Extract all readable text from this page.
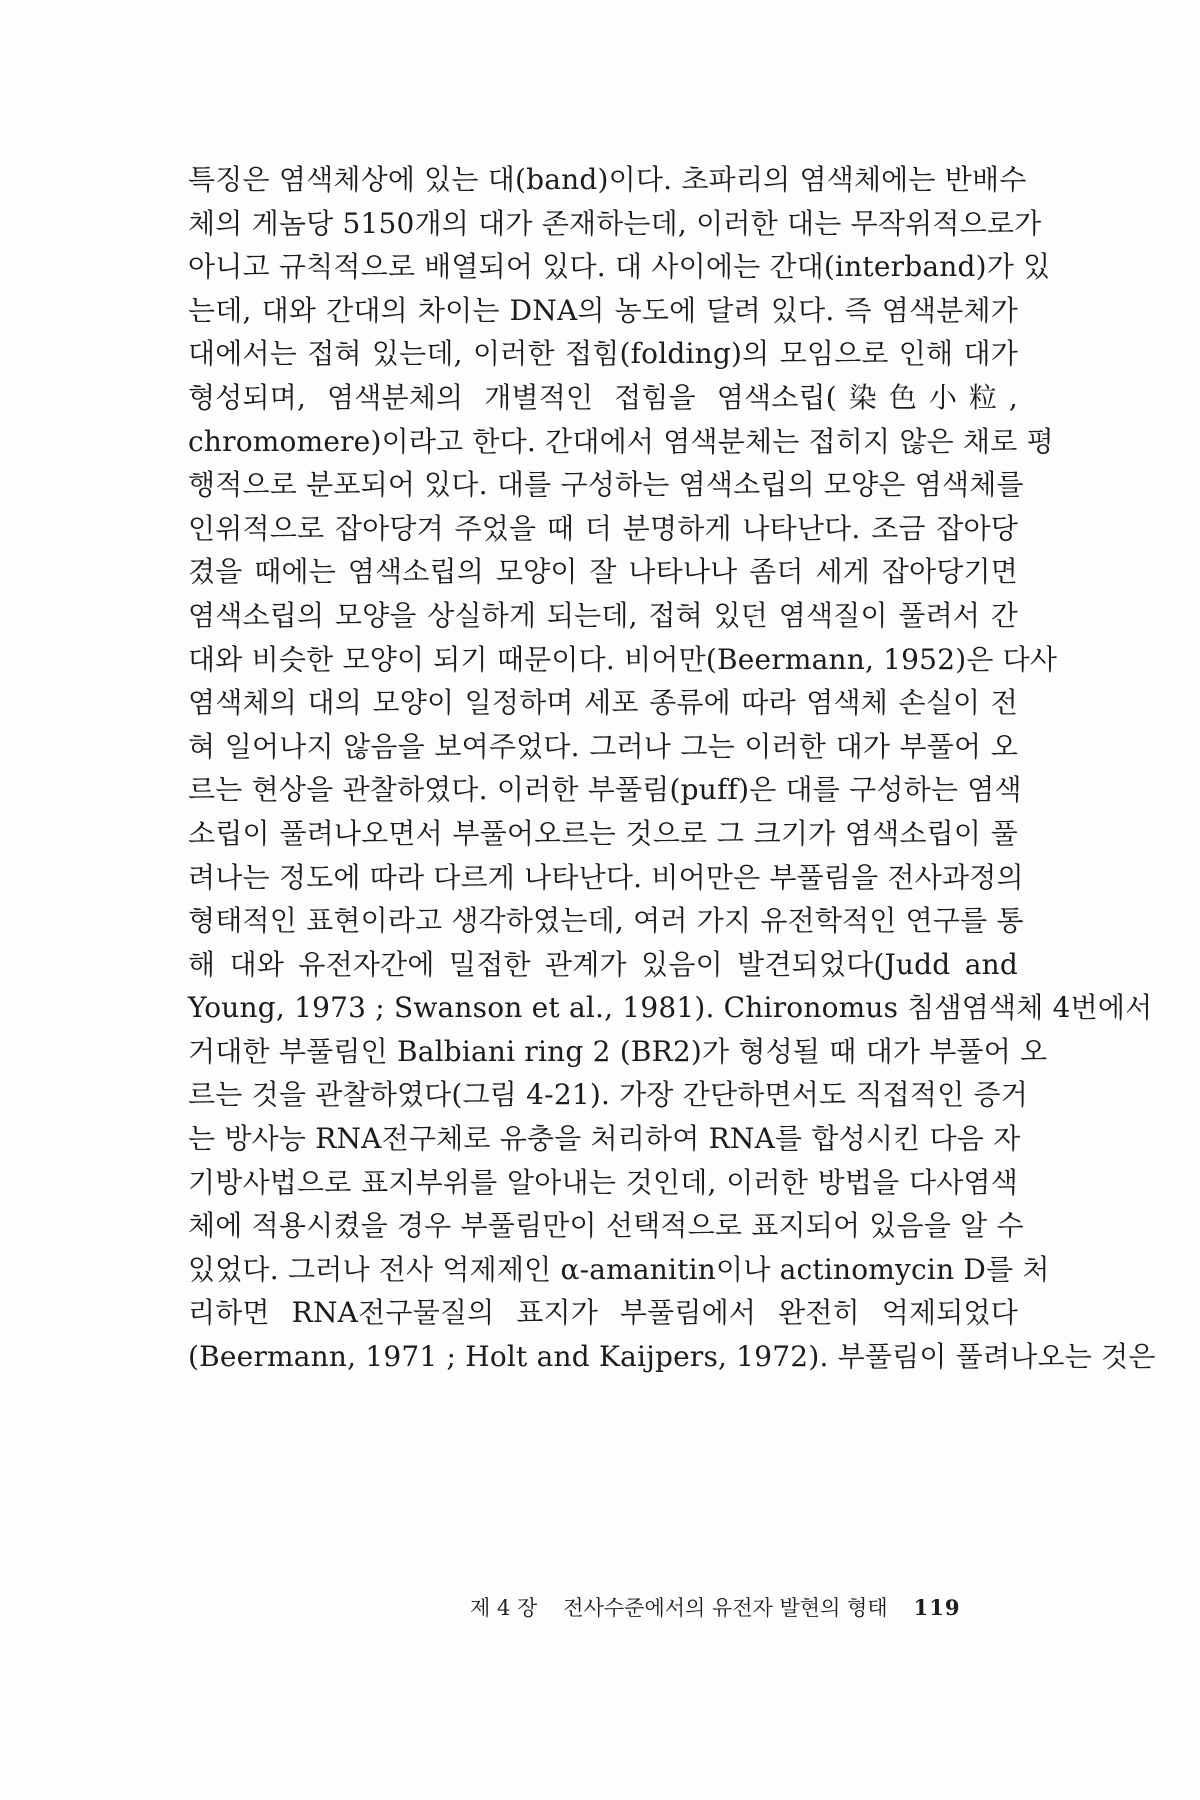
특징은 염색체상에 있는 대(band)이다. 초파리의 염색체에는 반배수
체의 게놈당 5150개의 대가 존재하는데, 이러한 대는 무작위적으로가
아니고 규칙적으로 배열되어 있다. 대 사이에는 간대(interband)가 있
는데, 대와 간대의 차이는 DNA의 농도에 달려 있다. 즉 염색분체가
대에서는 접혀 있는데, 이러한 접힘(folding)의 모임으로 인해 대가
형성되며, 염색분체의 개별적인 접힘을 염색소립(染色小粒,
chromomere)이라고 한다. 간대에서 염색분체는 접히지 않은 채로 평
행적으로 분포되어 있다. 대를 구성하는 염색소립의 모양은 염색체를
인위적으로 잡아당겨 주었을 때 더 분명하게 나타난다. 조금 잡아당
겼을 때에는 염색소립의 모양이 잘 나타나나 좀더 세게 잡아당기면
염색소립의 모양을 상실하게 되는데, 접혀 있던 염색질이 풀려서 간
대와 비슷한 모양이 되기 때문이다. 비어만(Beermann, 1952)은 다사
염색체의 대의 모양이 일정하며 세포 종류에 따라 염색체 손실이 전
혀 일어나지 않음을 보여주었다. 그러나 그는 이러한 대가 부풀어 오
르는 현상을 관찰하였다. 이러한 부풀림(puff)은 대를 구성하는 염색
소립이 풀려나오면서 부풀어오르는 것으로 그 크기가 염색소립이 풀
려나는 정도에 따라 다르게 나타난다. 비어만은 부풀림을 전사과정의
형태적인 표현이라고 생각하였는데, 여러 가지 유전학적인 연구를 통
해 대와 유전자간에 밀접한 관계가 있음이 발견되었다(Judd and
Young, 1973 ; Swanson et al., 1981). Chironomus 침샘염색체 4번에서
거대한 부풀림인 Balbiani ring 2 (BR2)가 형성될 때 대가 부풀어 오
르는 것을 관찰하였다(그림 4-21). 가장 간단하면서도 직접적인 증거
는 방사능 RNA전구체로 유충을 처리하여 RNA를 합성시킨 다음 자
기방사법으로 표지부위를 알아내는 것인데, 이러한 방법을 다사염색
체에 적용시켰을 경우 부풀림만이 선택적으로 표지되어 있음을 알 수
있었다. 그러나 전사 억제제인 α-amanitin이나 actinomycin D를 처
리하면 RNA전구물질의 표지가 부풀림에서 완전히 억제되었다
(Beermann, 1971 ; Holt and Kaijpers, 1972). 부풀림이 풀려나오는 것은
제 4 장 전사수준에서의 유전자 발현의 형태 119
